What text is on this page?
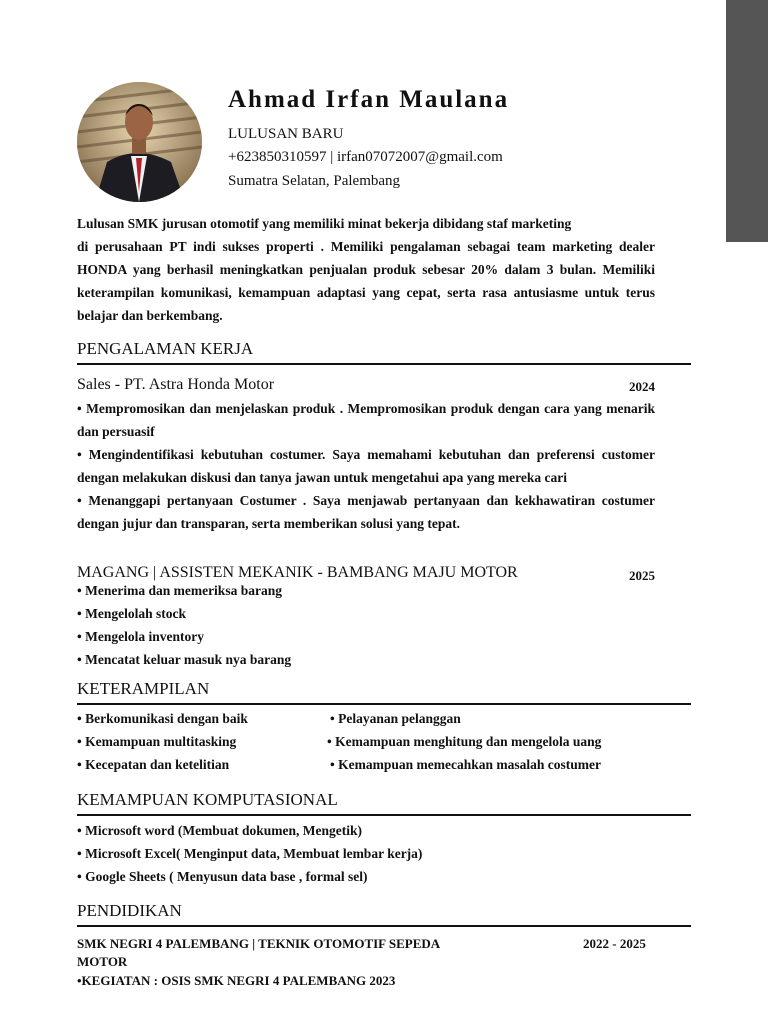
Ahmad Irfan Maulana
LULUSAN BARU
+623850310597 | irfan07072007@gmail.com
Sumatra Selatan, Palembang
Lulusan SMK jurusan otomotif yang memiliki minat bekerja dibidang staf marketing
di perusahaan PT indi sukses properti . Memiliki pengalaman sebagai team marketing dealer HONDA yang berhasil meningkatkan penjualan produk sebesar 20% dalam 3 bulan. Memiliki keterampilan komunikasi, kemampuan adaptasi yang cepat, serta rasa antusiasme untuk terus belajar dan berkembang.
PENGALAMAN KERJA
Sales - PT. Astra Honda Motor	2024
• Mempromosikan dan menjelaskan produk . Mempromosikan produk dengan cara yang menarik dan persuasif
• Mengindentifikasi kebutuhan costumer. Saya memahami kebutuhan dan preferensi customer dengan melakukan diskusi dan tanya jawan untuk mengetahui apa yang mereka cari
• Menanggapi pertanyaan Costumer . Saya menjawab pertanyaan dan kekhawatiran costumer dengan jujur dan transparan, serta memberikan solusi yang tepat.
MAGANG | ASSISTEN MEKANIK - BAMBANG MAJU MOTOR	2025
• Menerima dan memeriksa barang
• Mengelolah stock
• Mengelola inventory
• Mencatat keluar masuk nya barang
KETERAMPILAN
• Berkomunikasi dengan baik	• Pelayanan pelanggan
• Kemampuan multitasking	• Kemampuan menghitung dan mengelola uang
• Kecepatan dan ketelitian	• Kemampuan memecahkan masalah costumer
KEMAMPUAN KOMPUTASIONAL
• Microsoft word (Membuat dokumen, Mengetik)
• Microsoft Excel( Menginput data, Membuat lembar kerja)
• Google Sheets ( Menyusun data base , formal sel)
PENDIDIKAN
SMK NEGRI 4 PALEMBANG | TEKNIK OTOMOTIF SEPEDA
MOTOR
2022 - 2025
•KEGIATAN : OSIS SMK NEGRI 4 PALEMBANG 2023
